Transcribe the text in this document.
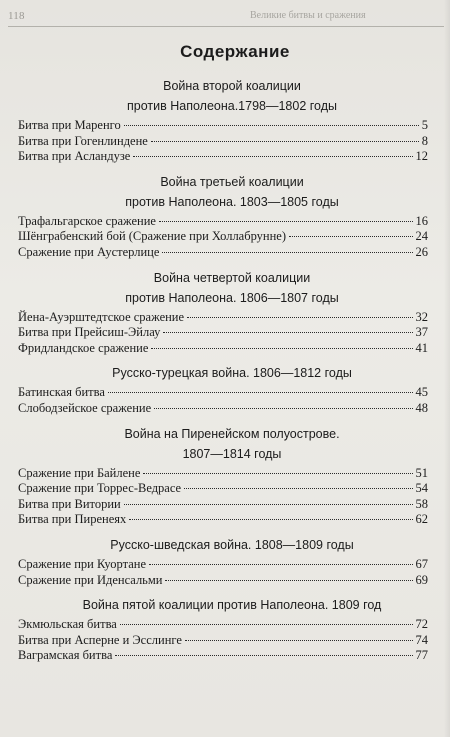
118	Великие битвы и сражения
Содержание
Война второй коалиции
против Наполеона.1798—1802 годы
Битва при Маренго	5
Битва при Гогенлиндене	8
Битва при Асландузе	12
Война третьей коалиции
против Наполеона. 1803—1805 годы
Трафальгарское сражение	16
Шёнграбенский бой (Сражение при Холлабрунне)	24
Сражение при Аустерлице	26
Война четвертой коалиции
против Наполеона. 1806—1807 годы
Йена-Ауэрштедтское сражение	32
Битва при Прейсиш-Эйлау	37
Фридландское сражение	41
Русско-турецкая война. 1806—1812 годы
Батинская битва	45
Слободзейское сражение	48
Война на Пиренейском полуострове.
1807—1814 годы
Сражение при Байлене	51
Сражение при Торрес-Ведрасе	54
Битва при Витории	58
Битва при Пиренеях	62
Русско-шведская война. 1808—1809 годы
Сражение при Куортане	67
Сражение при Иденсальми	69
Война пятой коалиции против Наполеона. 1809 год
Экмюльская битва	72
Битва при Асперне и Эсслинге	74
Ваграмская битва	77
